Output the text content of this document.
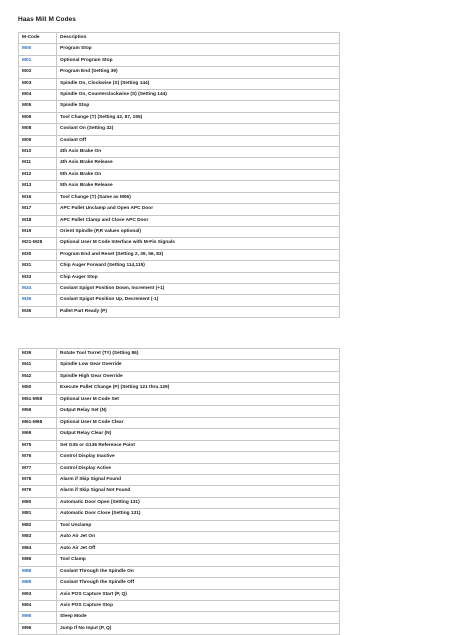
Haas Mill M Codes
M-Code	Description
M00	Program Stop
M01	Optional Program Stop
M02	Program End (Setting 39)
M03	Spindle On, Clockwise (S) (Setting 144)
M04	Spindle On, Counterclockwise (S) (Setting 144)
M05	Spindle Stop
M06	Tool Change (T) (Setting 42, 87, 155)
M08	Coolant On (Setting 32)
M09	Coolant Off
M10	4th Axis Brake On
M11	4th Axis Brake Release
M12	5th Axis Brake On
M13	5th Axis Brake Release
M16	Tool Change (T) (Same as M06)
M17	APC Pallet Unclamp and Open APC Door
M18	APC Pallet Clamp and Close APC Door
M19	Orient Spindle (P,R values optional)
M21-M28	Optional User M Code Interface with M-Fin Signals
M30	Program End and Reset (Setting 2, 39, 56, 83)
M31	Chip Auger Forward (Setting 114,115)
M33	Chip Auger Stop
M34	Coolant Spigot Position Down, Increment (+1)
M35	Coolant Spigot Position Up, Decrement (-1)
M36	Pallet Part Ready (P)
M39	Rotate Tool Turret (T#) (Setting 86)
M41	Spindle Low Gear Override
M42	Spindle High Gear Override
M50	Execute Pallet Change (P) (Setting 121 thru.129)
M51-M58	Optional User M Code Set
M59	Output Relay Set (N)
M61-M68	Optional User M Code Clear
M69	Output Relay Clear (N)
M75	Set G35 or G136 Reference Point
M76	Control Display Inactive
M77	Control Display Active
M78	Alarm if Skip Signal Found
M79	Alarm if Skip Signal Not Found
M80	Automatic Door Open (Setting 131)
M81	Automatic Door Close (Setting 131)
M82	Tool Unclamp
M83	Auto Air Jet On
M84	Auto Air Jet Off
M86	Tool Clamp
M88	Coolant Through the Spindle On
M89	Coolant Through the Spindle Off
M93	Axis POS Capture Start (P, Q)
M94	Axis POS Capture Stop
M95	Sleep Mode
M96	Jump If No Input (P, Q)
